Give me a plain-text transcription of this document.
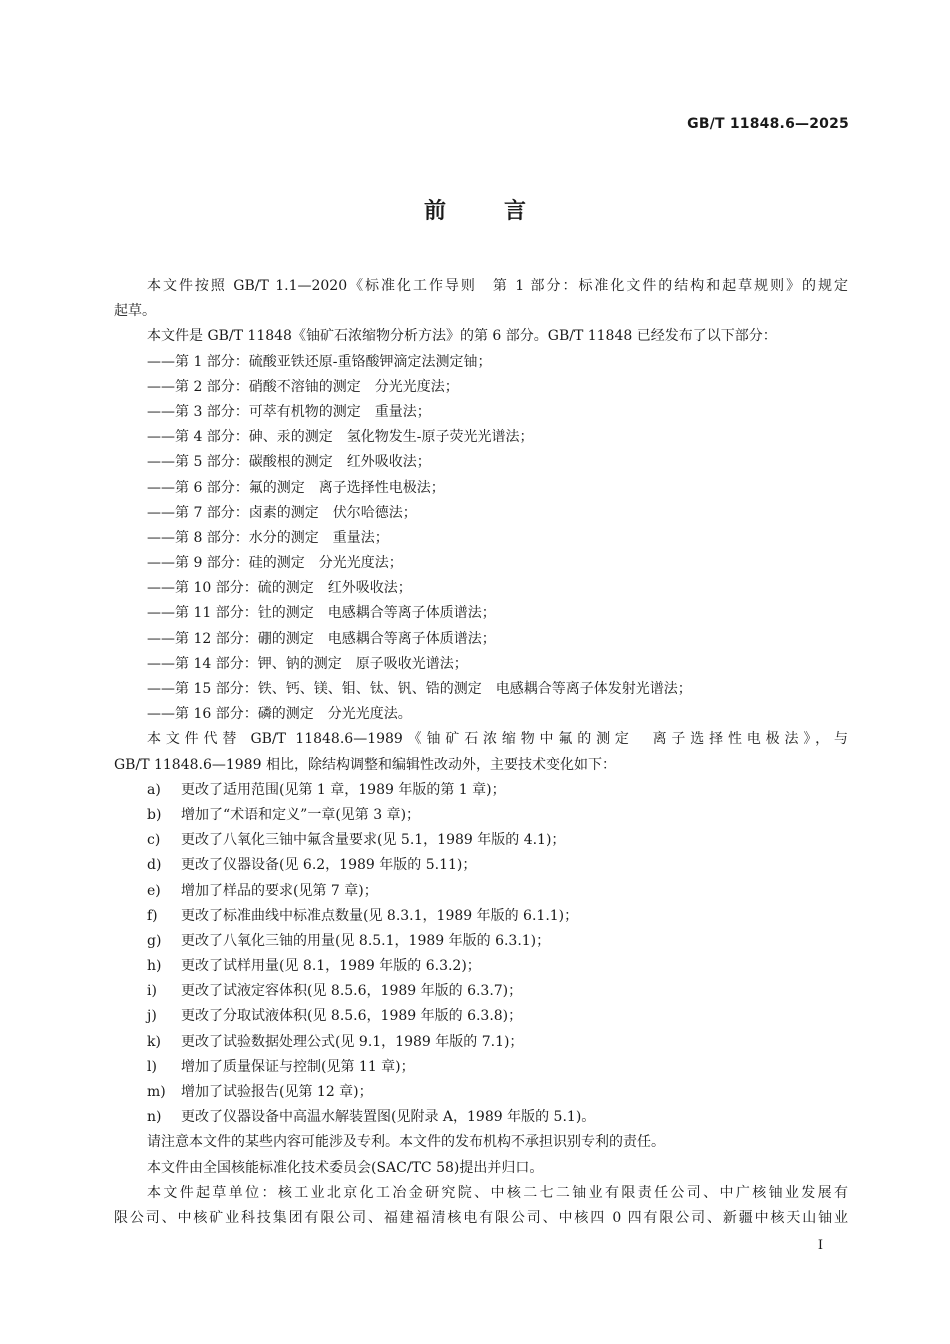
GB/T 11848.6—2025
前言
本文件按照 GB/T 1.1—2020《标准化工作导则　第 1 部分：标准化文件的结构和起草规则》的规定
起草。
本文件是 GB/T 11848《铀矿石浓缩物分析方法》的第 6 部分。GB/T 11848 已经发布了以下部分：
——第 1 部分：硫酸亚铁还原-重铬酸钾滴定法测定铀；
——第 2 部分：硝酸不溶铀的测定　分光光度法；
——第 3 部分：可萃有机物的测定　重量法；
——第 4 部分：砷、汞的测定　氢化物发生-原子荧光光谱法；
——第 5 部分：碳酸根的测定　红外吸收法；
——第 6 部分：氟的测定　离子选择性电极法；
——第 7 部分：卤素的测定　伏尔哈德法；
——第 8 部分：水分的测定　重量法；
——第 9 部分：硅的测定　分光光度法；
——第 10 部分：硫的测定　红外吸收法；
——第 11 部分：钍的测定　电感耦合等离子体质谱法；
——第 12 部分：硼的测定　电感耦合等离子体质谱法；
——第 14 部分：钾、钠的测定　原子吸收光谱法；
——第 15 部分：铁、钙、镁、钼、钛、钒、锆的测定　电感耦合等离子体发射光谱法；
——第 16 部分：磷的测定　分光光度法。
本文件代替 GB/T 11848.6—1989《铀矿石浓缩物中氟的测定　离子选择性电极法》，与
GB/T 11848.6—1989 相比，除结构调整和编辑性改动外，主要技术变化如下：
a) 更改了适用范围(见第 1 章，1989 年版的第 1 章)；
b) 增加了“术语和定义”一章(见第 3 章)；
c) 更改了八氧化三铀中氟含量要求(见 5.1，1989 年版的 4.1)；
d) 更改了仪器设备(见 6.2，1989 年版的 5.11)；
e) 增加了样品的要求(见第 7 章)；
f) 更改了标准曲线中标准点数量(见 8.3.1，1989 年版的 6.1.1)；
g) 更改了八氧化三铀的用量(见 8.5.1，1989 年版的 6.3.1)；
h) 更改了试样用量(见 8.1，1989 年版的 6.3.2)；
i) 更改了试液定容体积(见 8.5.6，1989 年版的 6.3.7)；
j) 更改了分取试液体积(见 8.5.6，1989 年版的 6.3.8)；
k) 更改了试验数据处理公式(见 9.1，1989 年版的 7.1)；
l) 增加了质量保证与控制(见第 11 章)；
m) 增加了试验报告(见第 12 章)；
n) 更改了仪器设备中高温水解装置图(见附录 A，1989 年版的 5.1)。
请注意本文件的某些内容可能涉及专利。本文件的发布机构不承担识别专利的责任。
本文件由全国核能标准化技术委员会(SAC/TC 58)提出并归口。
本文件起草单位：核工业北京化工冶金研究院、中核二七二铀业有限责任公司、中广核铀业发展有
限公司、中核矿业科技集团有限公司、福建福清核电有限公司、中核四 0 四有限公司、新疆中核天山铀业
Ⅰ
